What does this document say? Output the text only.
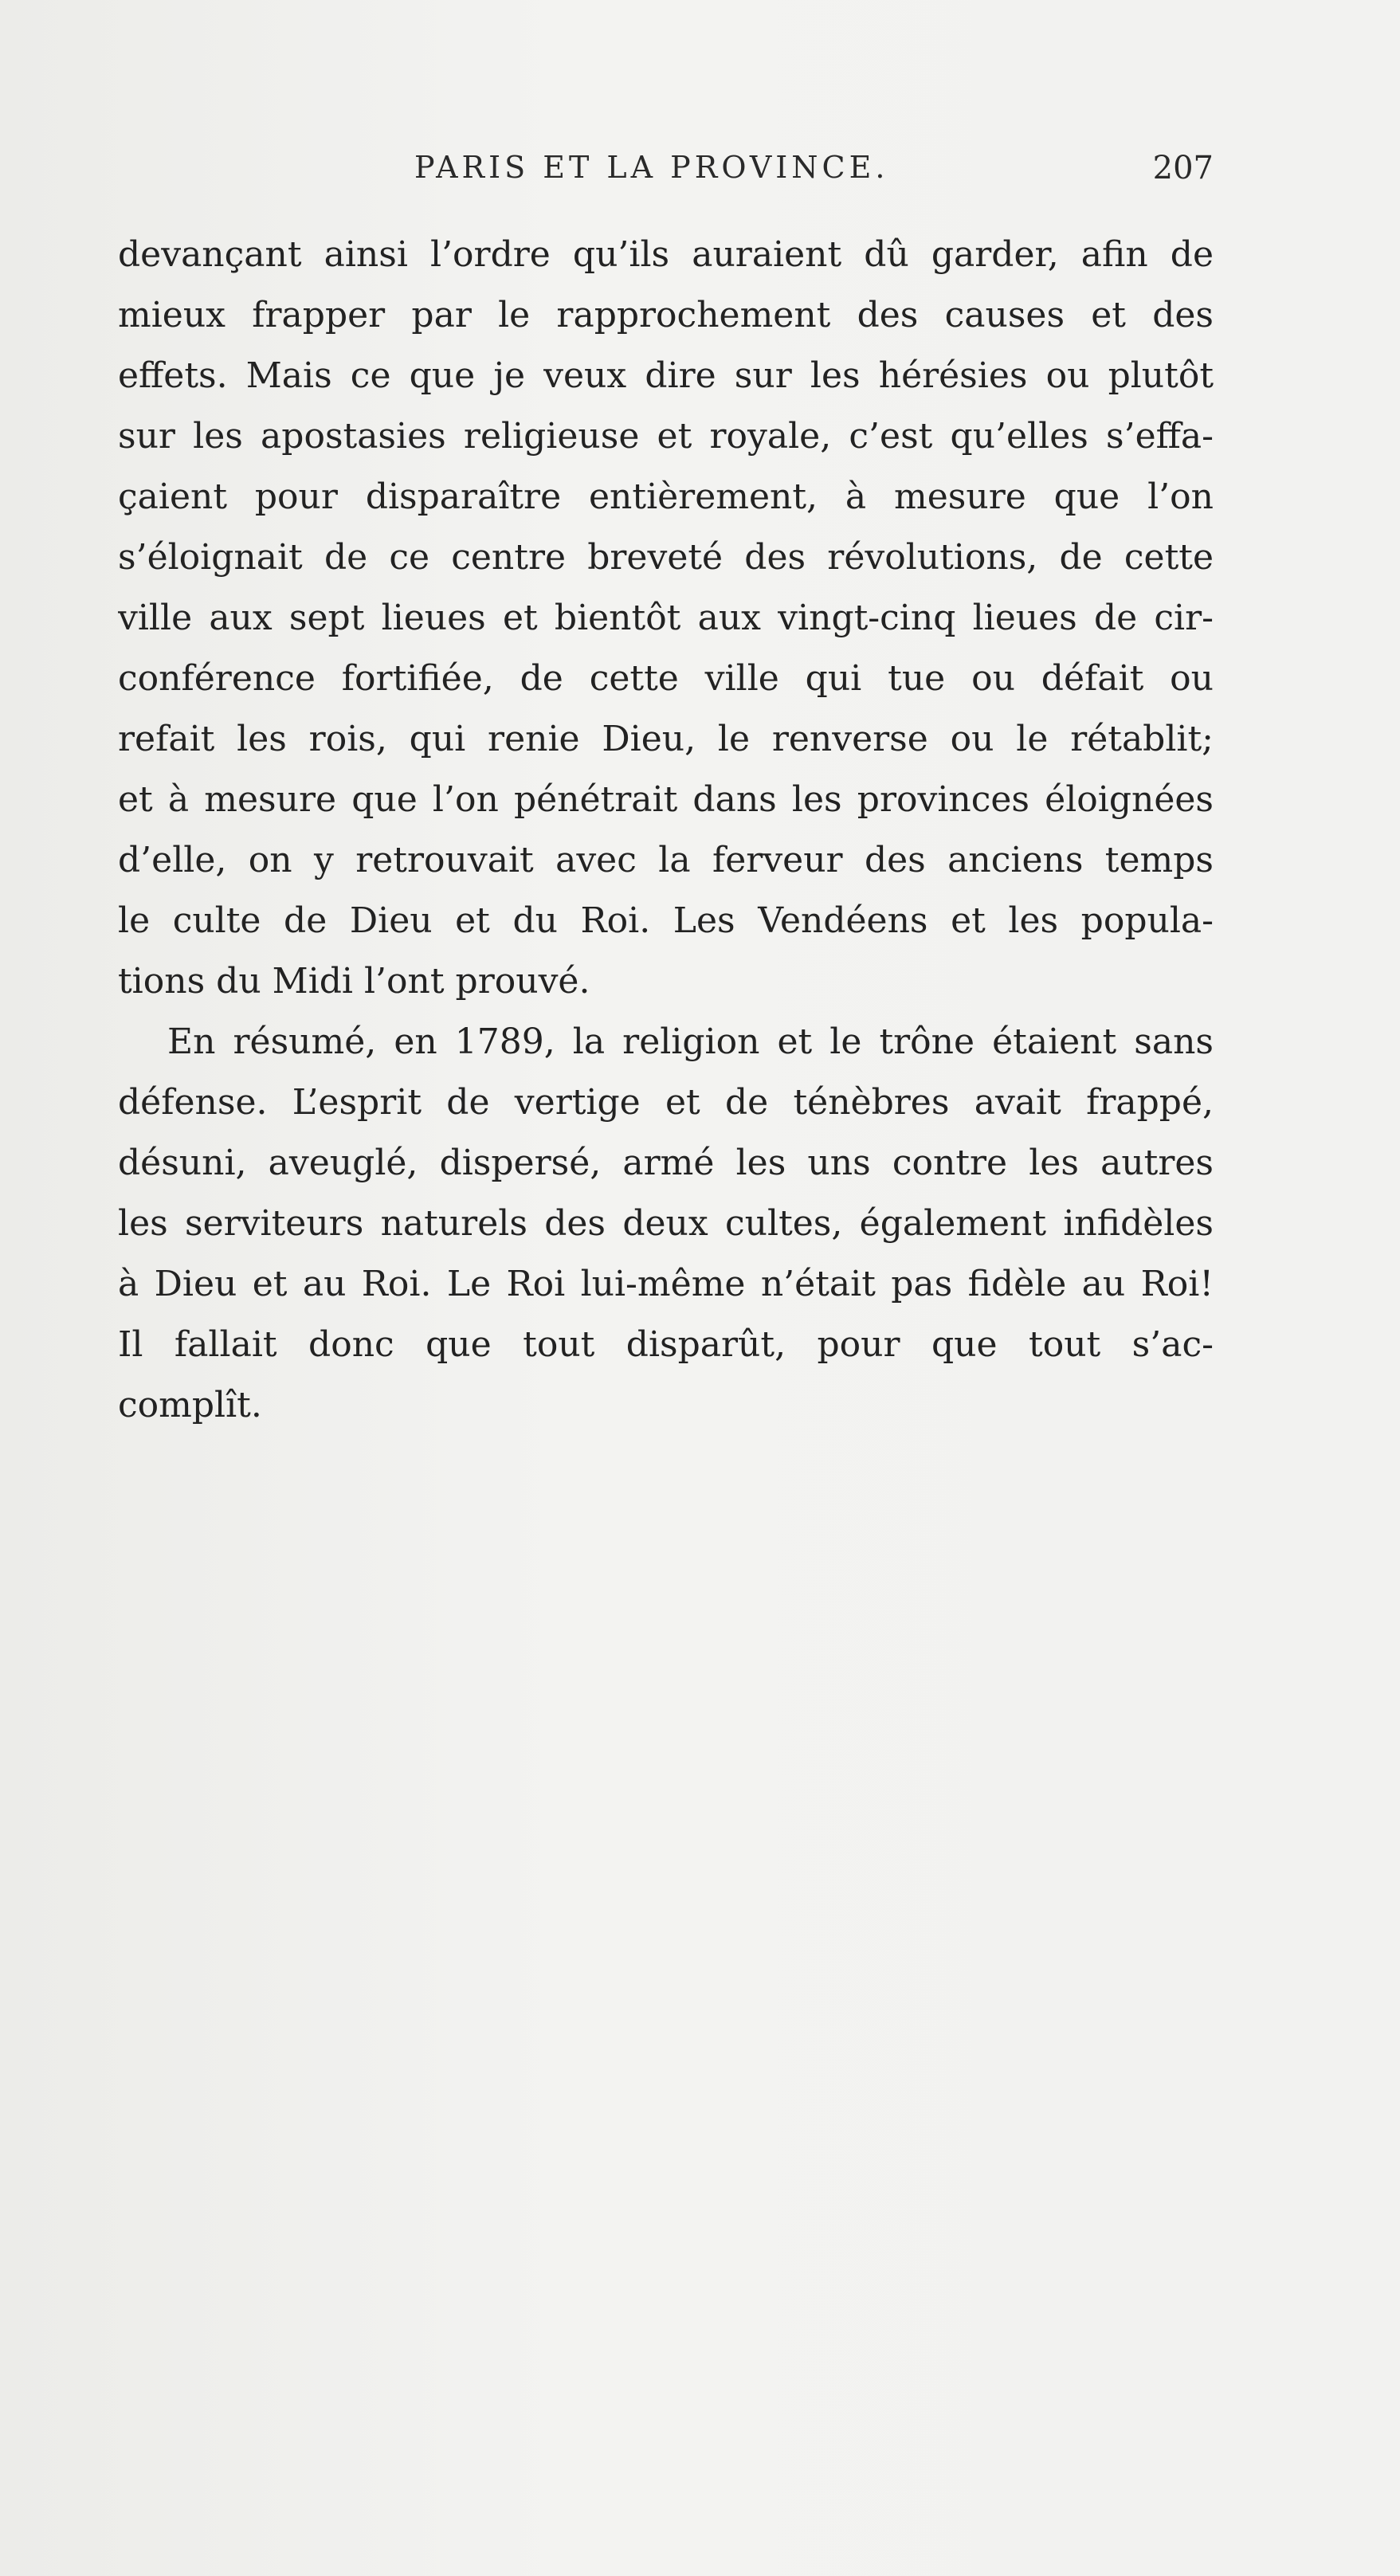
PARIS ET LA PROVINCE.	207
devançant ainsi l’ordre qu’ils auraient dû garder, afin de
mieux frapper par le rapprochement des causes et des
effets. Mais ce que je veux dire sur les hérésies ou plutôt
sur les apostasies religieuse et royale, c’est qu’elles s’effa-
çaient pour disparaître entièrement, à mesure que l’on
s’éloignait de ce centre breveté des révolutions, de cette
ville aux sept lieues et bientôt aux vingt-cinq lieues de cir-
conférence fortifiée, de cette ville qui tue ou défait ou
refait les rois, qui renie Dieu, le renverse ou le rétablit;
et à mesure que l’on pénétrait dans les provinces éloignées
d’elle, on y retrouvait avec la ferveur des anciens temps
le culte de Dieu et du Roi. Les Vendéens et les popula-
tions du Midi l’ont prouvé.
En résumé, en 1789, la religion et le trône étaient sans
défense. L’esprit de vertige et de ténèbres avait frappé,
désuni, aveuglé, dispersé, armé les uns contre les autres
les serviteurs naturels des deux cultes, également infidèles
à Dieu et au Roi. Le Roi lui-même n’était pas fidèle au Roi!
Il fallait donc que tout disparût, pour que tout s’ac-
complît.
